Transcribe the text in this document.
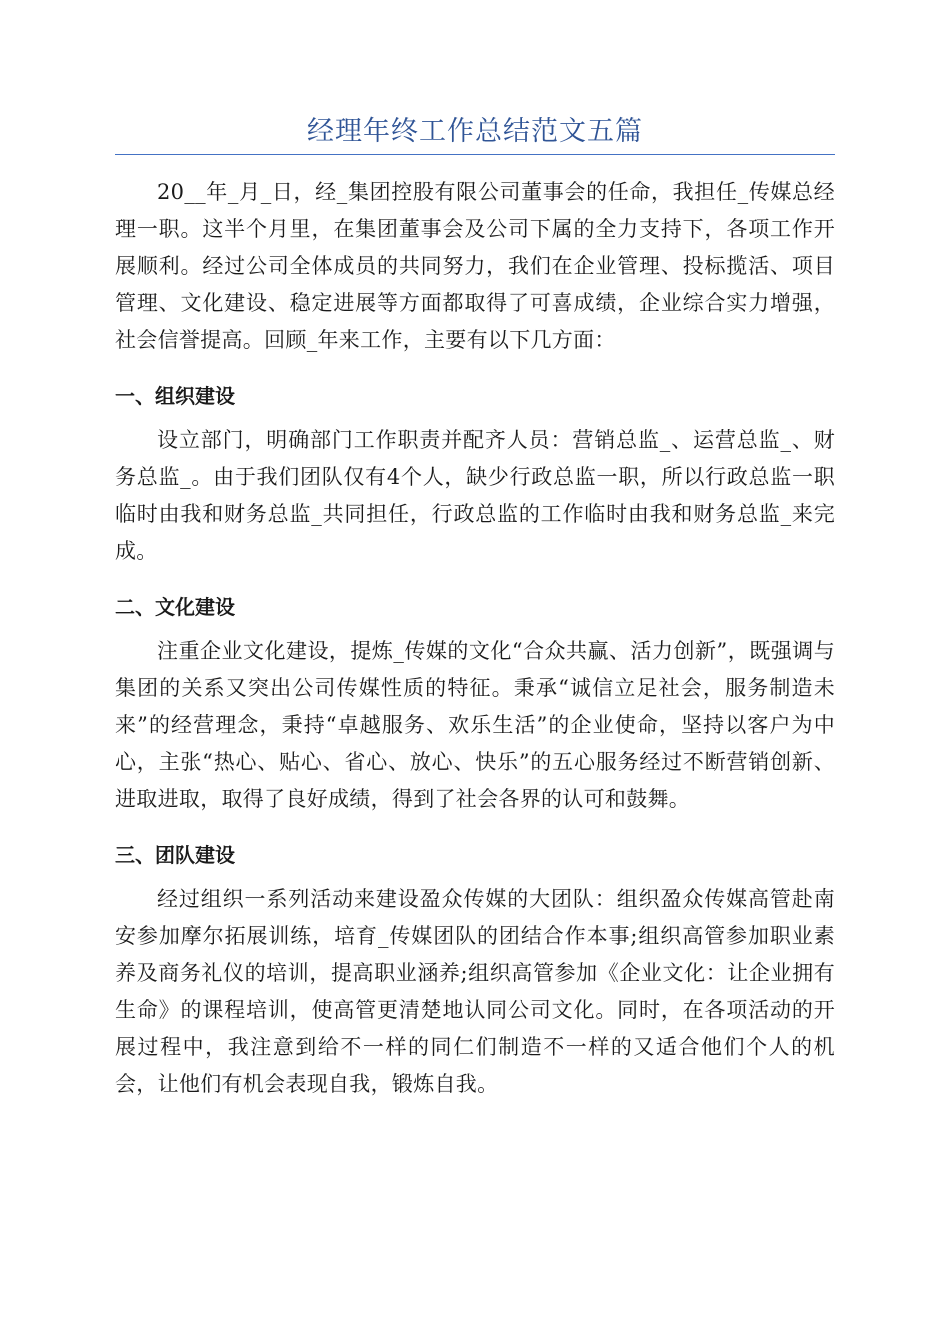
经理年终工作总结范文五篇

20__年_月_日，经_集团控股有限公司董事会的任命，我担任_传媒总经理一职。这半个月里，在集团董事会及公司下属的全力支持下，各项工作开展顺利。经过公司全体成员的共同努力，我们在企业管理、投标揽活、项目管理、文化建设、稳定进展等方面都取得了可喜成绩，企业综合实力增强，社会信誉提高。回顾_年来工作，主要有以下几方面：

一、组织建设

设立部门，明确部门工作职责并配齐人员：营销总监_、运营总监_、财务总监_。由于我们团队仅有4个人，缺少行政总监一职，所以行政总监一职临时由我和财务总监_共同担任，行政总监的工作临时由我和财务总监_来完成。

二、文化建设

注重企业文化建设，提炼_传媒的文化“合众共赢、活力创新”，既强调与集团的关系又突出公司传媒性质的特征。秉承“诚信立足社会，服务制造未来”的经营理念，秉持“卓越服务、欢乐生活”的企业使命，坚持以客户为中心，主张“热心、贴心、省心、放心、快乐”的五心服务经过不断营销创新、进取进取，取得了良好成绩，得到了社会各界的认可和鼓舞。

三、团队建设

经过组织一系列活动来建设盈众传媒的大团队：组织盈众传媒高管赴南安参加摩尔拓展训练，培育_传媒团队的团结合作本事;组织高管参加职业素养及商务礼仪的培训，提高职业涵养;组织高管参加《企业文化：让企业拥有生命》的课程培训，使高管更清楚地认同公司文化。同时，在各项活动的开展过程中，我注意到给不一样的同仁们制造不一样的又适合他们个人的机会，让他们有机会表现自我，锻炼自我。
